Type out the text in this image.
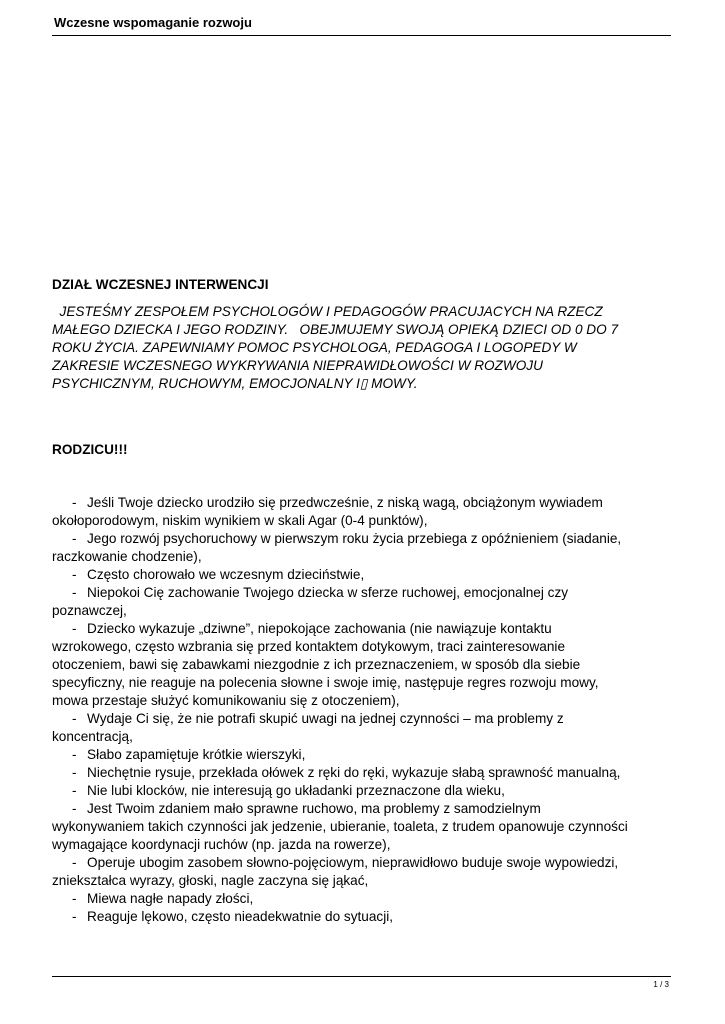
Wczesne wspomaganie rozwoju
DZIAŁ WCZESNEJ INTERWENCJI
JESTEŚMY ZESPOŁEM PSYCHOLOGÓW I PEDAGOGÓW PRACUJACYCH NA RZECZ
MAŁEGO DZIECKA I JEGO RODZINY.   OBEJMUJEMY SWOJĄ OPIEKĄ DZIECI OD 0 DO 7
ROKU ŻYCIA. ZAPEWNIAMY POMOC PSYCHOLOGA, PEDAGOGA I LOGOPEDY W
ZAKRESIE WCZESNEGO WYKRYWANIA NIEPRAWIDŁOWOŚCI W ROZWOJU
PSYCHICZNYM, RUCHOWYM, EMOCJONALNY I▯ MOWY.
RODZICU!!!
- Jeśli Twoje dziecko urodziło się przedwcześnie, z niską wagą, obciążonym wywiadem
okołoporodowym, niskim wynikiem w skali Agar (0-4 punktów),
- Jego rozwój psychoruchowy w pierwszym roku życia przebiega z opóźnieniem (siadanie,
raczkowanie chodzenie),
- Często chorowało we wczesnym dzieciństwie,
- Niepokoi Cię zachowanie Twojego dziecka w sferze ruchowej, emocjonalnej czy
poznawczej,
- Dziecko wykazuje „dziwne”, niepokojące zachowania (nie nawiązuje kontaktu
wzrokowego, często wzbrania się przed kontaktem dotykowym, traci zainteresowanie
otoczeniem, bawi się zabawkami niezgodnie z ich przeznaczeniem, w sposób dla siebie
specyficzny, nie reaguje na polecenia słowne i swoje imię, następuje regres rozwoju mowy,
mowa przestaje służyć komunikowaniu się z otoczeniem),
- Wydaje Ci się, że nie potrafi skupić uwagi na jednej czynności – ma problemy z
koncentracją,
- Słabo zapamiętuje krótkie wierszyki,
- Niechętnie rysuje, przekłada ołówek z ręki do ręki, wykazuje słabą sprawność manualną,
- Nie lubi klocków, nie interesują go układanki przeznaczone dla wieku,
- Jest Twoim zdaniem mało sprawne ruchowo, ma problemy z samodzielnym
wykonywaniem takich czynności jak jedzenie, ubieranie, toaleta, z trudem opanowuje czynności
wymagające koordynacji ruchów (np. jazda na rowerze),
- Operuje ubogim zasobem słowno-pojęciowym, nieprawidłowo buduje swoje wypowiedzi,
zniekształca wyrazy, głoski, nagle zaczyna się jąkać,
- Miewa nagłe napady złości,
- Reaguje lękowo, często nieadekwatnie do sytuacji,
1 / 3
